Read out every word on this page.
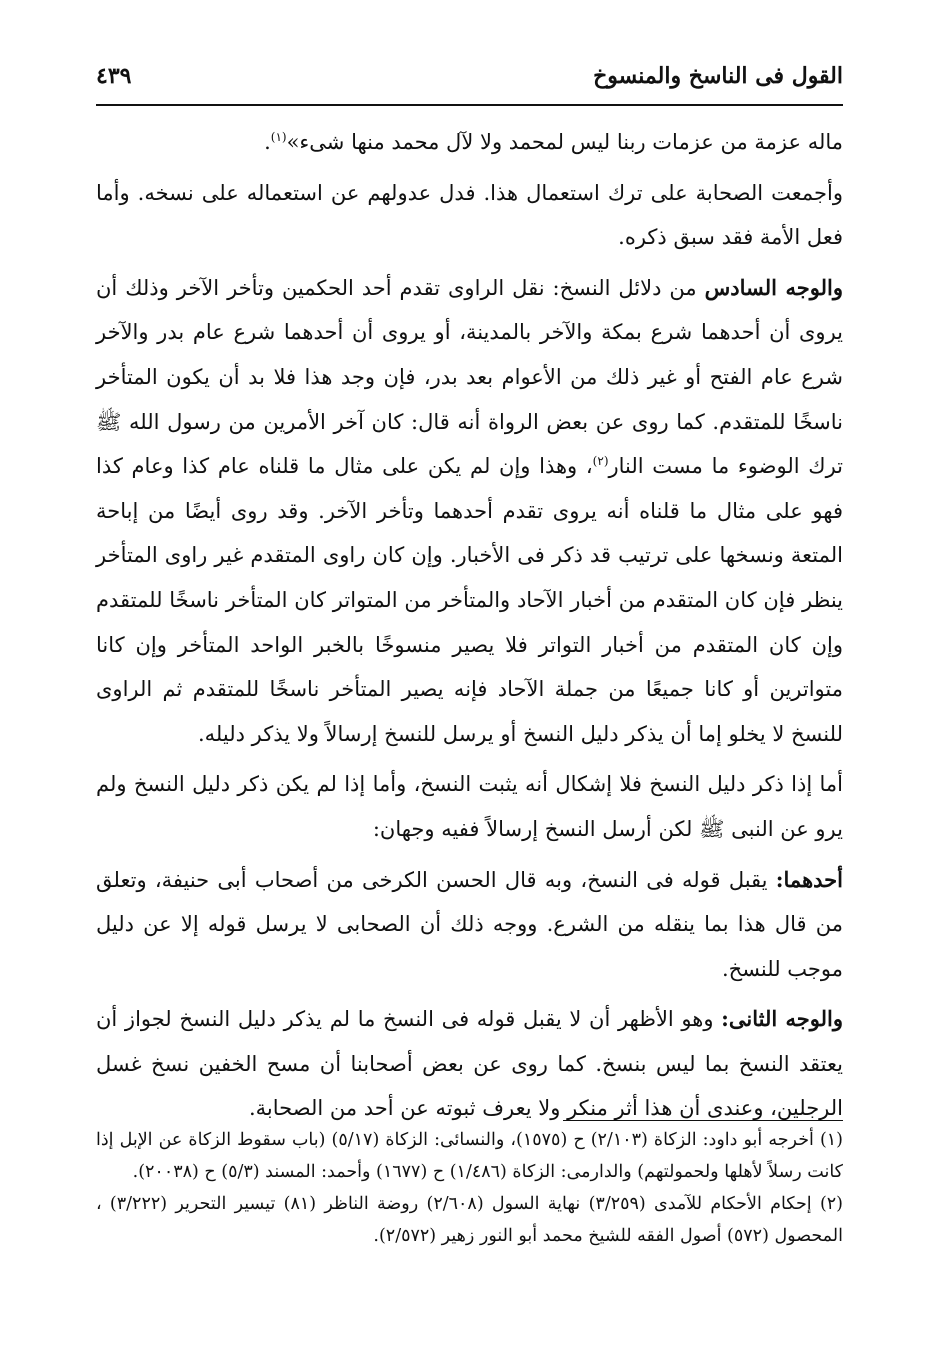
القول فى الناسخ والمنسوخ
٤٣٩

ماله عزمة من عزمات ربنا ليس لمحمد ولا لآل محمد منها شىء»$^{(١)}$.

وأجمعت الصحابة على ترك استعمال هذا. فدل عدولهم عن استعماله على نسخه. وأما فعل الأمة فقد سبق ذكره.

والوجه السادس من دلائل النسخ: نقل الراوى تقدم أحد الحكمين وتأخر الآخر وذلك أن يروى أن أحدهما شرع بمكة والآخر بالمدينة، أو يروى أن أحدهما شرع عام بدر والآخر شرع عام الفتح أو غير ذلك من الأعوام بعد بدر، فإن وجد هذا فلا بد أن يكون المتأخر ناسخًا للمتقدم. كما روى عن بعض الرواة أنه قال: كان آخر الأمرين من رسول الله ﷺ ترك الوضوء ما مست النار$^{(٢)}$، وهذا وإن لم يكن على مثال ما قلناه عام كذا وعام كذا فهو على مثال ما قلناه أنه يروى تقدم أحدهما وتأخر الآخر. وقد روى أيضًا من إباحة المتعة ونسخها على ترتيب قد ذكر فى الأخبار. وإن كان راوى المتقدم غير راوى المتأخر ينظر فإن كان المتقدم من أخبار الآحاد والمتأخر من المتواتر كان المتأخر ناسخًا للمتقدم وإن كان المتقدم من أخبار التواتر فلا يصير منسوخًا بالخبر الواحد المتأخر وإن كانا متواترين أو كانا جميعًا من جملة الآحاد فإنه يصير المتأخر ناسخًا للمتقدم ثم الراوى للنسخ لا يخلو إما أن يذكر دليل النسخ أو يرسل للنسخ إرسالاً ولا يذكر دليله.

أما إذا ذكر دليل النسخ فلا إشكال أنه يثبت النسخ، وأما إذا لم يكن ذكر دليل النسخ ولم يرو عن النبى ﷺ لكن أرسل النسخ إرسالاً ففيه وجهان:

أحدهما: يقبل قوله فى النسخ، وبه قال الحسن الكرخى من أصحاب أبى حنيفة، وتعلق من قال هذا بما ينقله من الشرع. ووجه ذلك أن الصحابى لا يرسل قوله إلا عن دليل موجب للنسخ.

والوجه الثانى: وهو الأظهر أن لا يقبل قوله فى النسخ ما لم يذكر دليل النسخ لجواز أن يعتقد النسخ بما ليس بنسخ. كما روى عن بعض أصحابنا أن مسح الخفين نسخ غسل الرجلين، وعندى أن هذا أثر منكر ولا يعرف ثبوته عن أحد من الصحابة.

(١) أخرجه أبو داود: الزكاة (٢/١٠٣) ح (١٥٧٥)، والنسائى: الزكاة (٥/١٧) (باب سقوط الزكاة عن الإبل إذا كانت رسلاً لأهلها ولحمولتهم) والدارمى: الزكاة (١/٤٨٦) ح (١٦٧٧) وأحمد: المسند (٥/٣) ح (٢٠٠٣٨).

(٢) إحكام الأحكام للآمدى (٣/٢٥٩) نهاية السول (٢/٦٠٨) روضة الناظر (٨١) تيسير التحرير (٣/٢٢٢) ، المحصول (٥٧٢) أصول الفقه للشيخ محمد أبو النور زهير (٢/٥٧٢).
